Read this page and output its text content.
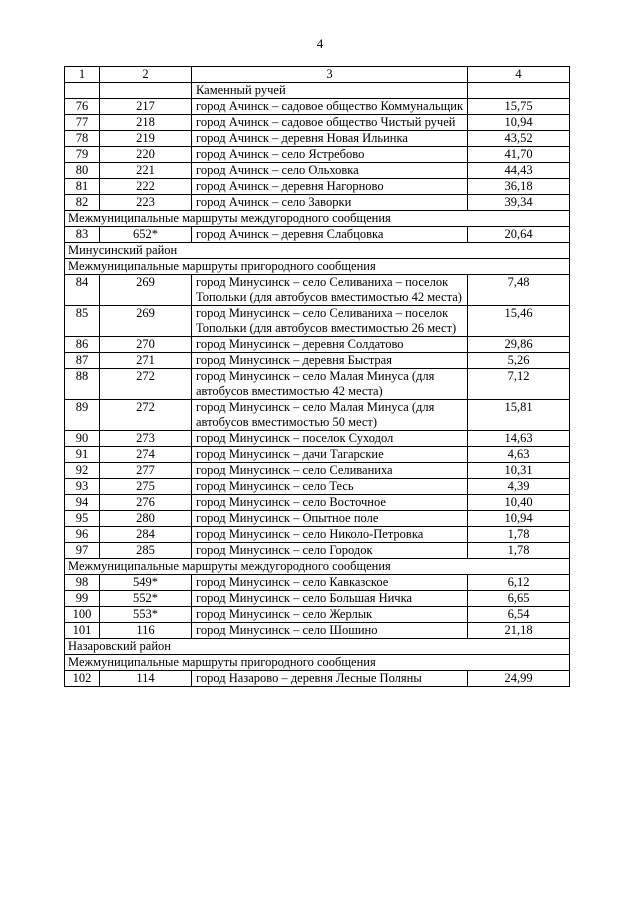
4
1	2	3	4
		Каменный ручей	
76	217	город Ачинск – садовое общество Коммунальщик	15,75
77	218	город Ачинск – садовое общество Чистый ручей	10,94
78	219	город Ачинск – деревня Новая Ильинка	43,52
79	220	город Ачинск – село Ястребово	41,70
80	221	город Ачинск – село Ольховка	44,43
81	222	город Ачинск – деревня Нагорново	36,18
82	223	город Ачинск – село Заворки	39,34
Межмуниципальные маршруты междугородного сообщения			
83	652*	город Ачинск – деревня Слабцовка	20,64
Минусинский район			
Межмуниципальные маршруты пригородного сообщения			
84	269	город Минусинск – село Селиваниха – поселок Топольки (для автобусов вместимостью 42 места)	7,48
85	269	город Минусинск – село Селиваниха – поселок Топольки (для автобусов вместимостью 26 мест)	15,46
86	270	город Минусинск – деревня Солдатово	29,86
87	271	город Минусинск – деревня Быстрая	5,26
88	272	город Минусинск – село Малая Минуса (для автобусов вместимостью 42 места)	7,12
89	272	город Минусинск – село Малая Минуса (для автобусов вместимостью 50 мест)	15,81
90	273	город Минусинск – поселок Суходол	14,63
91	274	город Минусинск – дачи Тагарские	4,63
92	277	город Минусинск – село Селиваниха	10,31
93	275	город Минусинск – село Тесь	4,39
94	276	город Минусинск – село Восточное	10,40
95	280	город Минусинск – Опытное поле	10,94
96	284	город Минусинск – село Николо-Петровка	1,78
97	285	город Минусинск – село Городок	1,78
Межмуниципальные маршруты междугородного сообщения			
98	549*	город Минусинск – село Кавказское	6,12
99	552*	город Минусинск – село Большая Ничка	6,65
100	553*	город Минусинск – село Жерлык	6,54
101	116	город Минусинск – село Шошино	21,18
Назаровский район			
Межмуниципальные маршруты пригородного сообщения			
102	114	город Назарово – деревня Лесные Поляны	24,99
